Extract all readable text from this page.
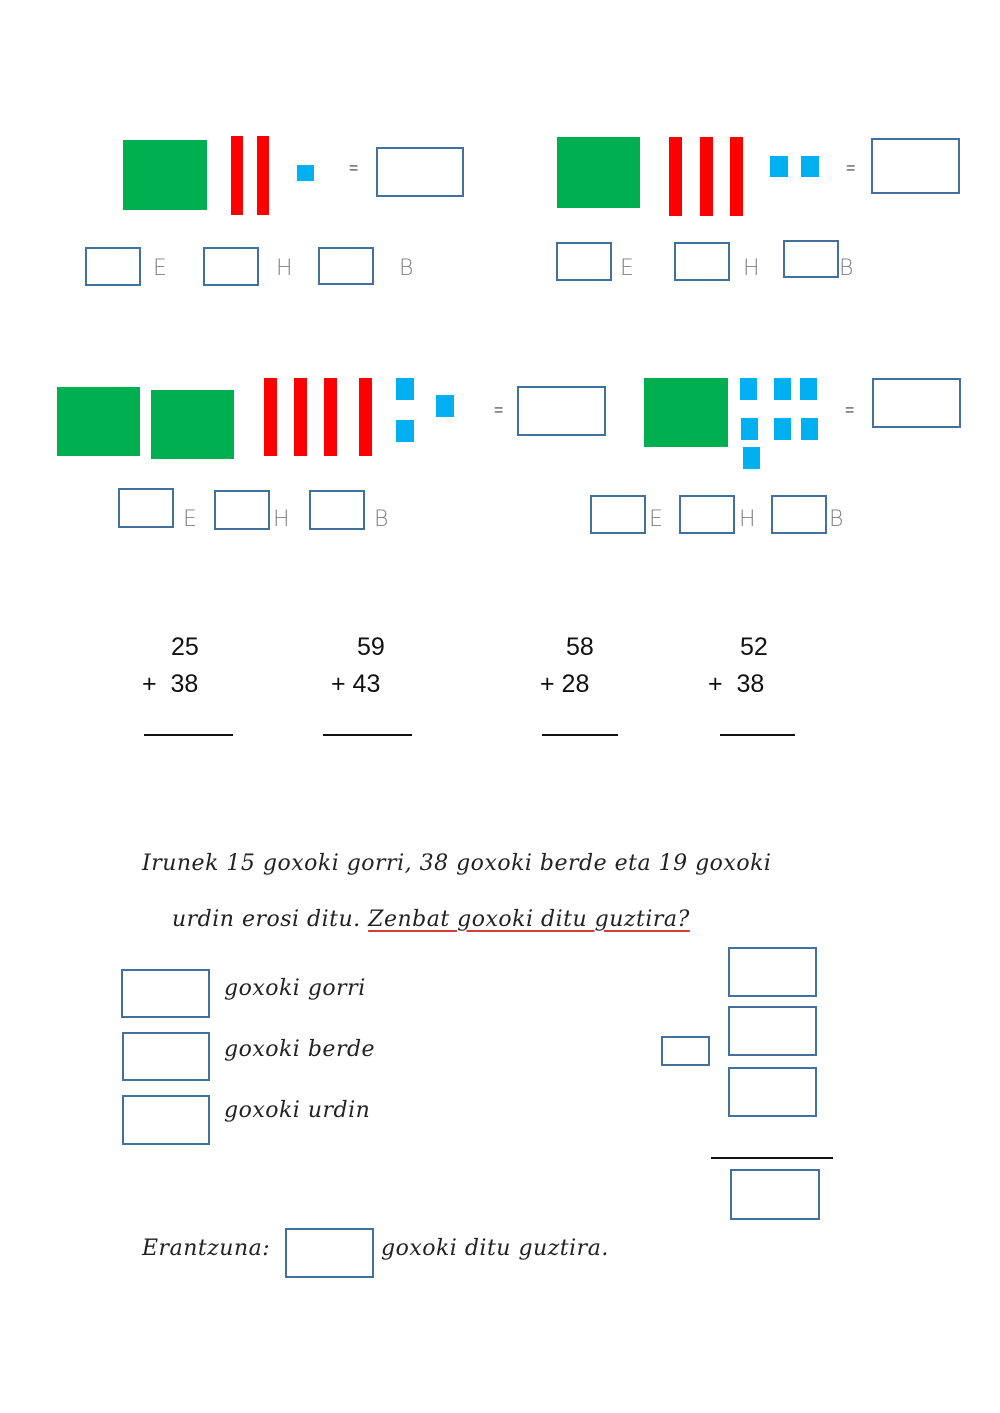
=
E	H	B
=
E	H	B
=
E	H	B
=
E	H	B
25
+  38
59
+ 43
58
+ 28
52
+  38
Irunek 15 goxoki gorri, 38 goxoki berde eta 19 goxoki

urdin erosi ditu. Zenbat goxoki ditu guztira?

goxoki gorri
goxoki berde
goxoki urdin
Erantzuna:	goxoki ditu guztira.
